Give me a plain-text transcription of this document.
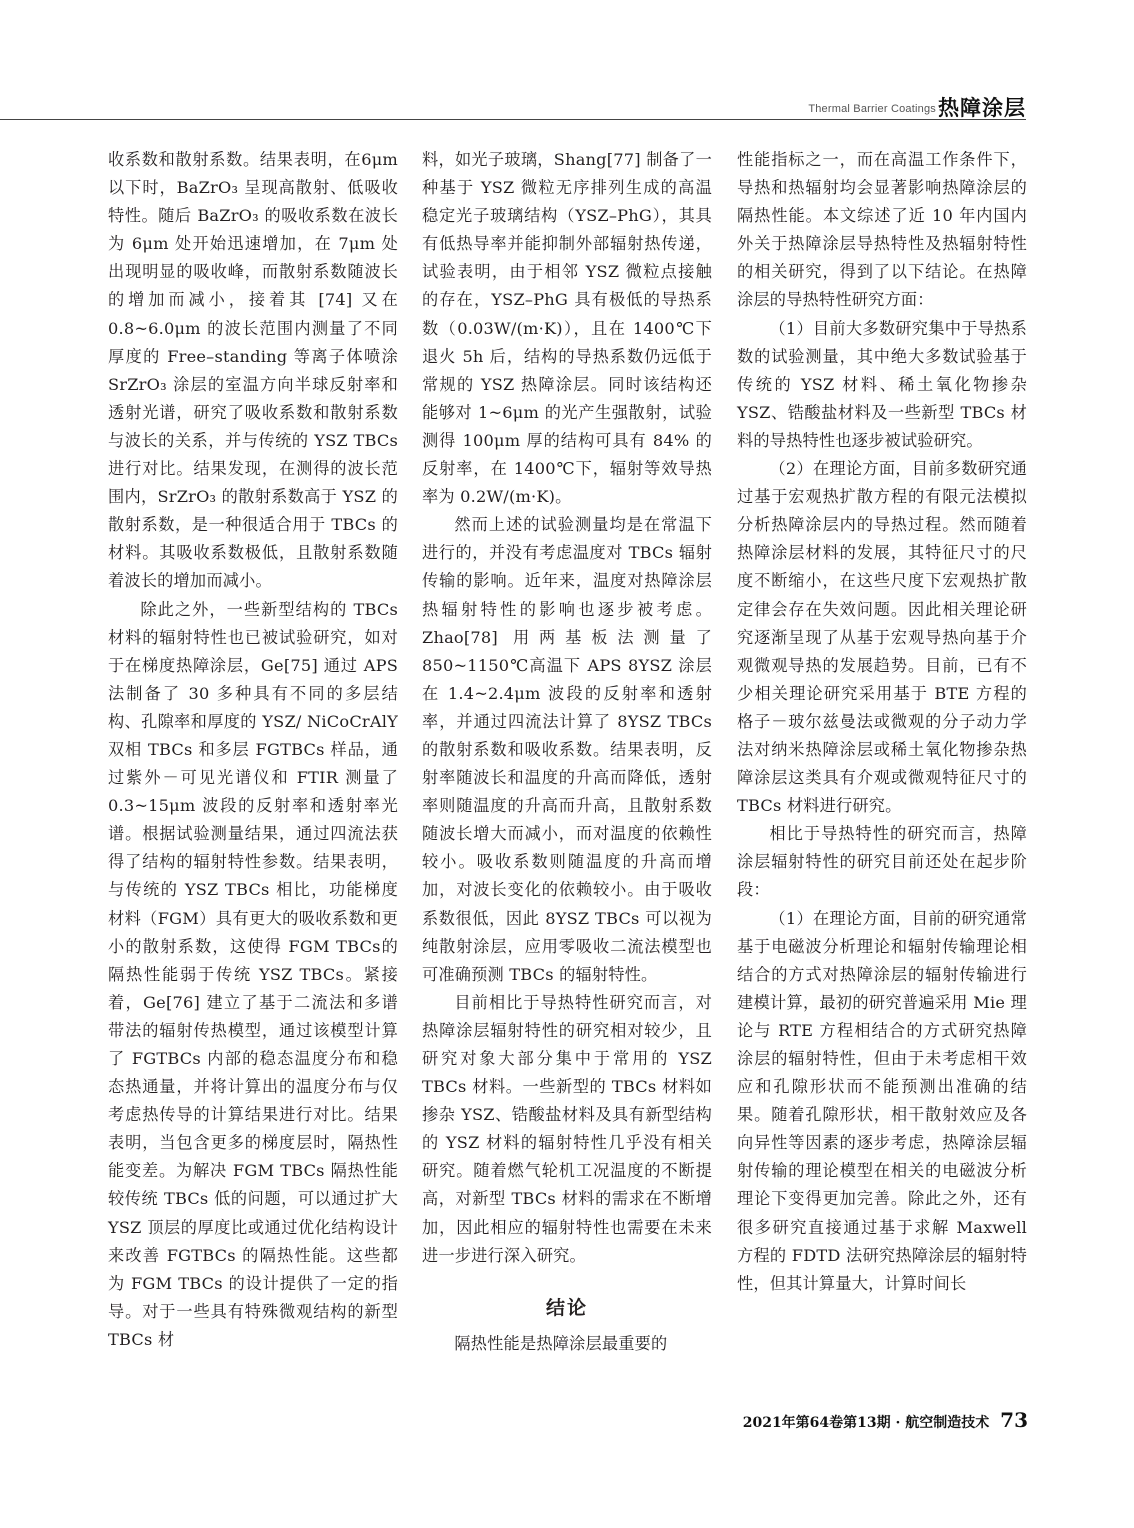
Thermal Barrier Coatings 热障涂层

收系数和散射系数。结果表明，在6μm以下时，BaZrO₃ 呈现高散射、低吸收特性。随后 BaZrO₃ 的吸收系数在波长为 6μm 处开始迅速增加，在 7μm 处出现明显的吸收峰，而散射系数随波长的增加而减小，接着其 [74] 又在 0.8~6.0μm 的波长范围内测量了不同厚度的 Free–standing 等离子体喷涂 SrZrO₃ 涂层的室温方向半球反射率和透射光谱，研究了吸收系数和散射系数与波长的关系，并与传统的 YSZ TBCs 进行对比。结果发现，在测得的波长范围内，SrZrO₃ 的散射系数高于 YSZ 的散射系数，是一种很适合用于 TBCs 的材料。其吸收系数极低，且散射系数随着波长的增加而减小。

除此之外，一些新型结构的 TBCs 材料的辐射特性也已被试验研究，如对于在梯度热障涂层，Ge[75] 通过 APS 法制备了 30 多种具有不同的多层结构、孔隙率和厚度的 YSZ/ NiCoCrAlY 双相 TBCs 和多层 FGTBCs 样品，通过紫外－可见光谱仪和 FTIR 测量了 0.3~15μm 波段的反射率和透射率光谱。根据试验测量结果，通过四流法获得了结构的辐射特性参数。结果表明，与传统的 YSZ TBCs 相比，功能梯度材料（FGM）具有更大的吸收系数和更小的散射系数，这使得 FGM TBCs的隔热性能弱于传统 YSZ TBCs。紧接着，Ge[76] 建立了基于二流法和多谱带法的辐射传热模型，通过该模型计算了 FGTBCs 内部的稳态温度分布和稳态热通量，并将计算出的温度分布与仅考虑热传导的计算结果进行对比。结果表明，当包含更多的梯度层时，隔热性能变差。为解决 FGM TBCs 隔热性能较传统 TBCs 低的问题，可以通过扩大 YSZ 顶层的厚度比或通过优化结构设计来改善 FGTBCs 的隔热性能。这些都为 FGM TBCs 的设计提供了一定的指导。对于一些具有特殊微观结构的新型 TBCs 材

料，如光子玻璃，Shang[77] 制备了一种基于 YSZ 微粒无序排列生成的高温稳定光子玻璃结构（YSZ–PhG），其具有低热导率并能抑制外部辐射热传递，试验表明，由于相邻 YSZ 微粒点接触的存在，YSZ–PhG 具有极低的导热系数（0.03W/(m·K)），且在 1400℃下退火 5h 后，结构的导热系数仍远低于常规的 YSZ 热障涂层。同时该结构还能够对 1~6μm 的光产生强散射，试验测得 100μm 厚的结构可具有 84% 的反射率，在 1400℃下，辐射等效导热率为 0.2W/(m·K)。

然而上述的试验测量均是在常温下进行的，并没有考虑温度对 TBCs 辐射传输的影响。近年来，温度对热障涂层热辐射特性的影响也逐步被考虑。Zhao[78] 用两基板法测量了 850~1150℃高温下 APS 8YSZ 涂层在 1.4~2.4μm 波段的反射率和透射率，并通过四流法计算了 8YSZ TBCs 的散射系数和吸收系数。结果表明，反射率随波长和温度的升高而降低，透射率则随温度的升高而升高，且散射系数随波长增大而减小，而对温度的依赖性较小。吸收系数则随温度的升高而增加，对波长变化的依赖较小。由于吸收系数很低，因此 8YSZ TBCs 可以视为纯散射涂层，应用零吸收二流法模型也可准确预测 TBCs 的辐射特性。

目前相比于导热特性研究而言，对热障涂层辐射特性的研究相对较少，且研究对象大部分集中于常用的 YSZ TBCs 材料。一些新型的 TBCs 材料如掺杂 YSZ、锆酸盐材料及具有新型结构的 YSZ 材料的辐射特性几乎没有相关研究。随着燃气轮机工况温度的不断提高，对新型 TBCs 材料的需求在不断增加，因此相应的辐射特性也需要在未来进一步进行深入研究。

结论

隔热性能是热障涂层最重要的

性能指标之一，而在高温工作条件下，导热和热辐射均会显著影响热障涂层的隔热性能。本文综述了近 10 年内国内外关于热障涂层导热特性及热辐射特性的相关研究，得到了以下结论。在热障涂层的导热特性研究方面：

（1）目前大多数研究集中于导热系数的试验测量，其中绝大多数试验基于传统的 YSZ 材料、稀土氧化物掺杂 YSZ、锆酸盐材料及一些新型 TBCs 材料的导热特性也逐步被试验研究。

（2）在理论方面，目前多数研究通过基于宏观热扩散方程的有限元法模拟分析热障涂层内的导热过程。然而随着热障涂层材料的发展，其特征尺寸的尺度不断缩小，在这些尺度下宏观热扩散定律会存在失效问题。因此相关理论研究逐渐呈现了从基于宏观导热向基于介观微观导热的发展趋势。目前，已有不少相关理论研究采用基于 BTE 方程的格子－玻尔兹曼法或微观的分子动力学法对纳米热障涂层或稀土氧化物掺杂热障涂层这类具有介观或微观特征尺寸的 TBCs 材料进行研究。

相比于导热特性的研究而言，热障涂层辐射特性的研究目前还处在起步阶段：

（1）在理论方面，目前的研究通常基于电磁波分析理论和辐射传输理论相结合的方式对热障涂层的辐射传输进行建模计算，最初的研究普遍采用 Mie 理论与 RTE 方程相结合的方式研究热障涂层的辐射特性，但由于未考虑相干效应和孔隙形状而不能预测出准确的结果。随着孔隙形状，相干散射效应及各向异性等因素的逐步考虑，热障涂层辐射传输的理论模型在相关的电磁波分析理论下变得更加完善。除此之外，还有很多研究直接通过基于求解 Maxwell 方程的 FDTD 法研究热障涂层的辐射特性，但其计算量大，计算时间长

2021年第64卷第13期 · 航空制造技术 73
